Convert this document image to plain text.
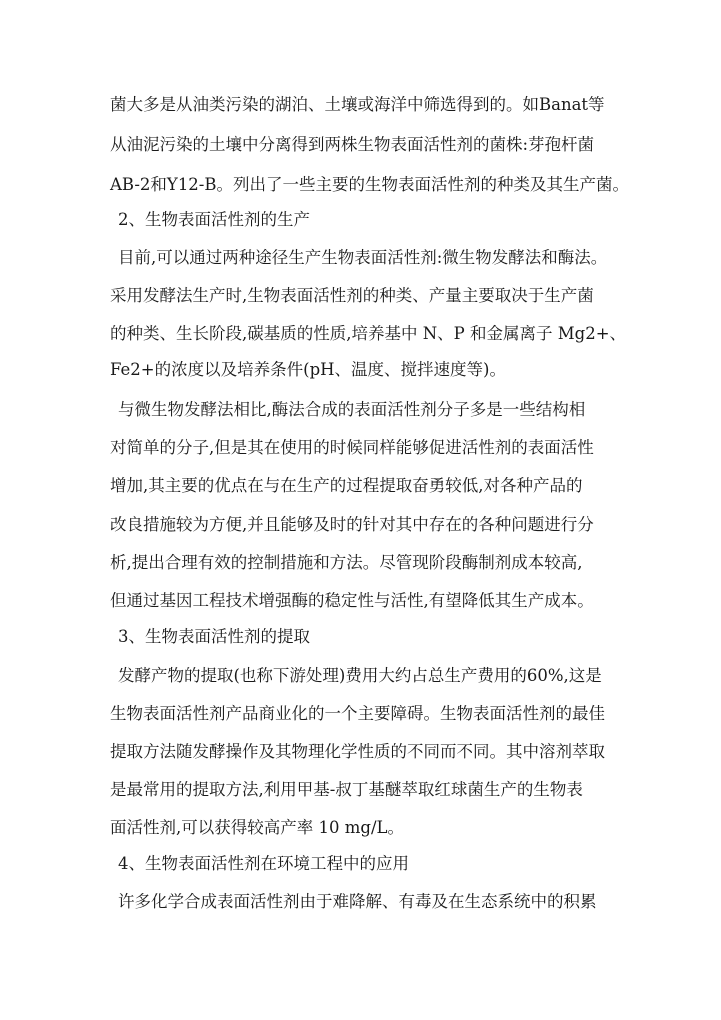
菌大多是从油类污染的湖泊、土壤或海洋中筛选得到的。如Banat等
从油泥污染的土壤中分离得到两株生物表面活性剂的菌株:芽孢杆菌
AB-2和Y12-B。列出了一些主要的生物表面活性剂的种类及其生产菌。
2、生物表面活性剂的生产
目前,可以通过两种途径生产生物表面活性剂:微生物发酵法和酶法。
采用发酵法生产时,生物表面活性剂的种类、产量主要取决于生产菌
的种类、生长阶段,碳基质的性质,培养基中 N、P 和金属离子 Mg2+、
Fe2+的浓度以及培养条件(pH、温度、搅拌速度等)。
与微生物发酵法相比,酶法合成的表面活性剂分子多是一些结构相
对简单的分子,但是其在使用的时候同样能够促进活性剂的表面活性
增加,其主要的优点在与在生产的过程提取奋勇较低,对各种产品的
改良措施较为方便,并且能够及时的针对其中存在的各种问题进行分
析,提出合理有效的控制措施和方法。尽管现阶段酶制剂成本较高,
但通过基因工程技术增强酶的稳定性与活性,有望降低其生产成本。
3、生物表面活性剂的提取
发酵产物的提取(也称下游处理)费用大约占总生产费用的60%,这是
生物表面活性剂产品商业化的一个主要障碍。生物表面活性剂的最佳
提取方法随发酵操作及其物理化学性质的不同而不同。其中溶剂萃取
是最常用的提取方法,利用甲基-叔丁基醚萃取红球菌生产的生物表
面活性剂,可以获得较高产率 10 mg/L。
4、生物表面活性剂在环境工程中的应用
许多化学合成表面活性剂由于难降解、有毒及在生态系统中的积累
